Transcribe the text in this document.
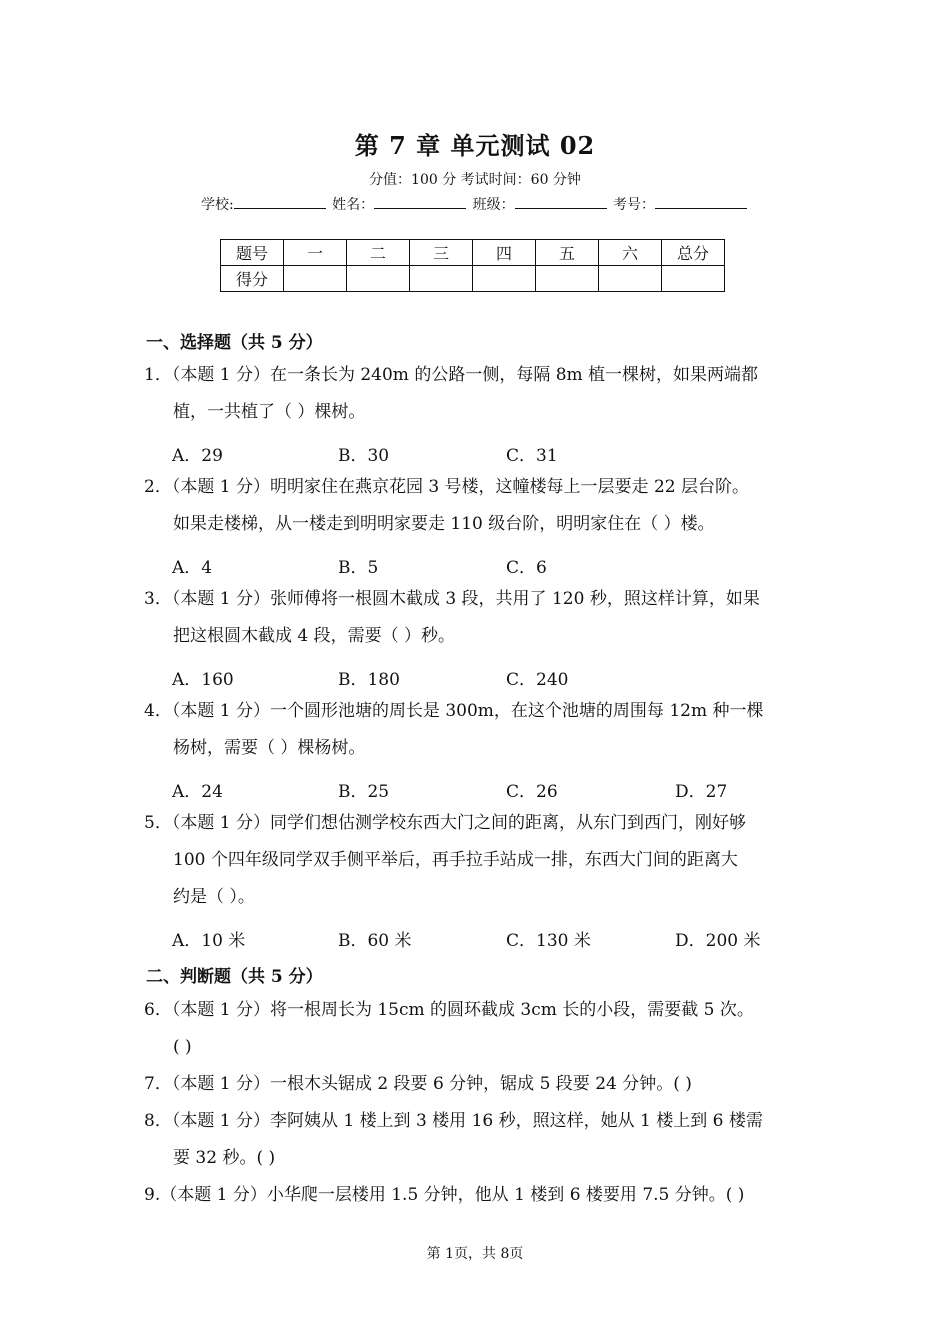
第 7 章 单元测试 02
分值：100 分 考试时间：60 分钟
学校:	姓名：	班级：	考号：
题号	一	二	三	四	五	六	总分
得分							
一、选择题（共 5 分）
1．（本题 1 分）在一条长为 240m 的公路一侧，每隔 8m 植一棵树，如果两端都
植，一共植了（ ）棵树。
A．29	B．30	C．31
2．（本题 1 分）明明家住在燕京花园 3 号楼，这幢楼每上一层要走 22 层台阶。
如果走楼梯，从一楼走到明明家要走 110 级台阶，明明家住在（ ）楼。
A．4	B．5	C．6
3．（本题 1 分）张师傅将一根圆木截成 3 段，共用了 120 秒，照这样计算，如果
把这根圆木截成 4 段，需要（ ）秒。
A．160	B．180	C．240
4．（本题 1 分）一个圆形池塘的周长是 300m，在这个池塘的周围每 12m 种一棵
杨树，需要（ ）棵杨树。
A．24	B．25	C．26	D．27
5．（本题 1 分）同学们想估测学校东西大门之间的距离，从东门到西门，刚好够
100 个四年级同学双手侧平举后，再手拉手站成一排，东西大门间的距离大
约是（ ）。
A．10 米	B．60 米	C．130 米	D．200 米
二、判断题（共 5 分）
6．（本题 1 分）将一根周长为 15cm 的圆环截成 3cm 长的小段，需要截 5 次。
( )
7．（本题 1 分）一根木头锯成 2 段要 6 分钟，锯成 5 段要 24 分钟。( )
8．（本题 1 分）李阿姨从 1 楼上到 3 楼用 16 秒，照这样，她从 1 楼上到 6 楼需
要 32 秒。( )
9.（本题 1 分）小华爬一层楼用 1.5 分钟，他从 1 楼到 6 楼要用 7.5 分钟。( )
第 1页，共 8页
